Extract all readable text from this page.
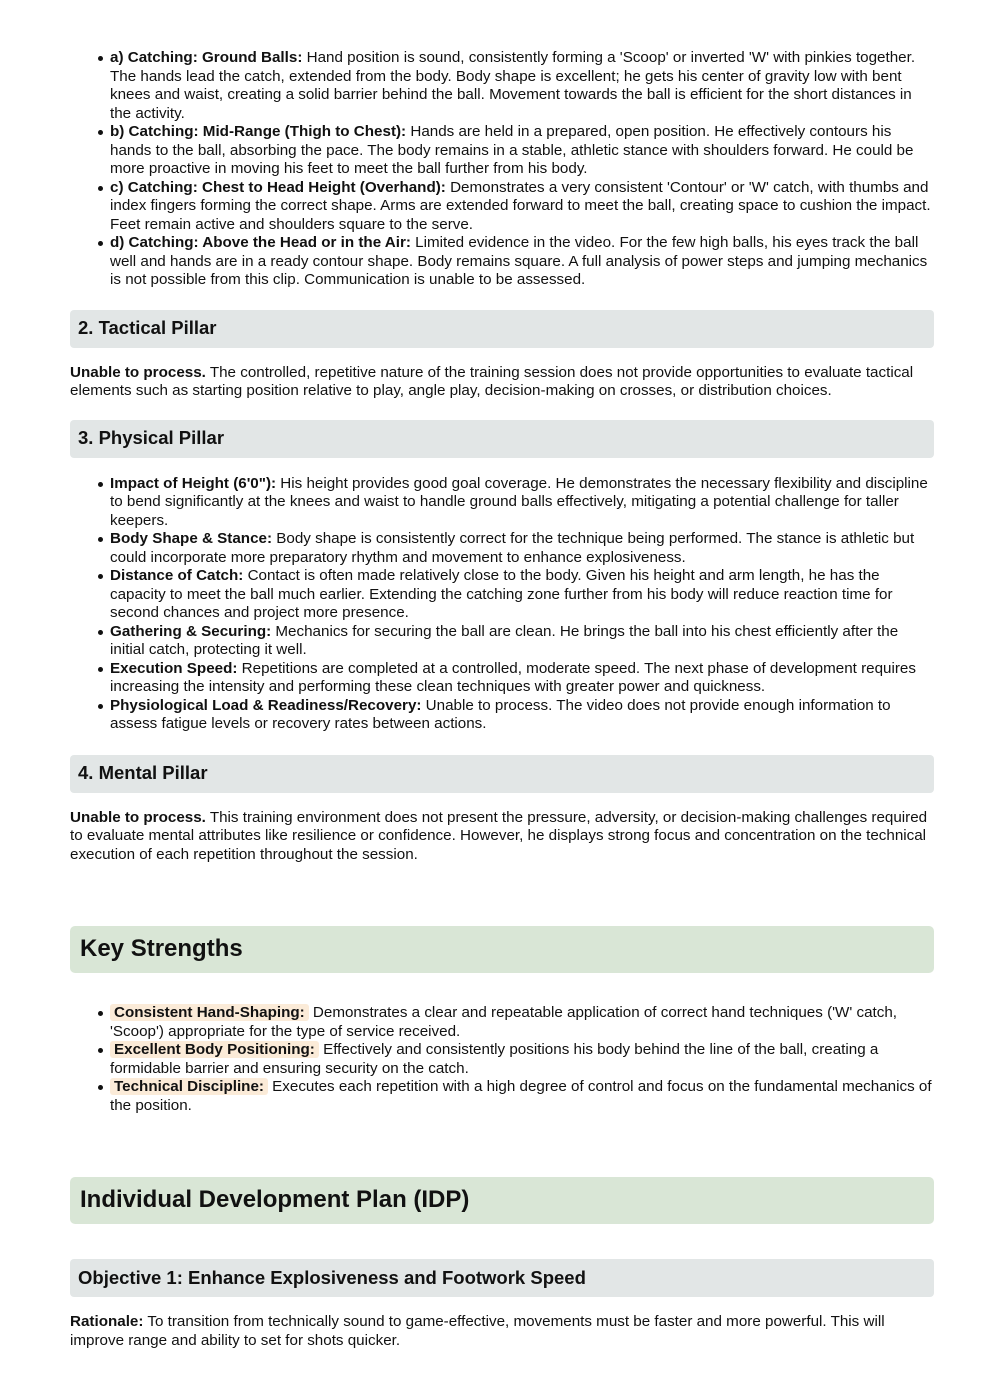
a) Catching: Ground Balls: Hand position is sound, consistently forming a 'Scoop' or inverted 'W' with pinkies together. The hands lead the catch, extended from the body. Body shape is excellent; he gets his center of gravity low with bent knees and waist, creating a solid barrier behind the ball. Movement towards the ball is efficient for the short distances in the activity.
b) Catching: Mid-Range (Thigh to Chest): Hands are held in a prepared, open position. He effectively contours his hands to the ball, absorbing the pace. The body remains in a stable, athletic stance with shoulders forward. He could be more proactive in moving his feet to meet the ball further from his body.
c) Catching: Chest to Head Height (Overhand): Demonstrates a very consistent 'Contour' or 'W' catch, with thumbs and index fingers forming the correct shape. Arms are extended forward to meet the ball, creating space to cushion the impact. Feet remain active and shoulders square to the serve.
d) Catching: Above the Head or in the Air: Limited evidence in the video. For the few high balls, his eyes track the ball well and hands are in a ready contour shape. Body remains square. A full analysis of power steps and jumping mechanics is not possible from this clip. Communication is unable to be assessed.
2. Tactical Pillar

Unable to process. The controlled, repetitive nature of the training session does not provide opportunities to evaluate tactical elements such as starting position relative to play, angle play, decision-making on crosses, or distribution choices.

3. Physical Pillar
Impact of Height (6'0"): His height provides good goal coverage. He demonstrates the necessary flexibility and discipline to bend significantly at the knees and waist to handle ground balls effectively, mitigating a potential challenge for taller keepers.
Body Shape & Stance: Body shape is consistently correct for the technique being performed. The stance is athletic but could incorporate more preparatory rhythm and movement to enhance explosiveness.
Distance of Catch: Contact is often made relatively close to the body. Given his height and arm length, he has the capacity to meet the ball much earlier. Extending the catching zone further from his body will reduce reaction time for second chances and project more presence.
Gathering & Securing: Mechanics for securing the ball are clean. He brings the ball into his chest efficiently after the initial catch, protecting it well.
Execution Speed: Repetitions are completed at a controlled, moderate speed. The next phase of development requires increasing the intensity and performing these clean techniques with greater power and quickness.
Physiological Load & Readiness/Recovery: Unable to process. The video does not provide enough information to assess fatigue levels or recovery rates between actions.
4. Mental Pillar

Unable to process. This training environment does not present the pressure, adversity, or decision-making challenges required to evaluate mental attributes like resilience or confidence. However, he displays strong focus and concentration on the technical execution of each repetition throughout the session.

Key Strengths
Consistent Hand-Shaping: Demonstrates a clear and repeatable application of correct hand techniques ('W' catch, 'Scoop') appropriate for the type of service received.
Excellent Body Positioning: Effectively and consistently positions his body behind the line of the ball, creating a formidable barrier and ensuring security on the catch.
Technical Discipline: Executes each repetition with a high degree of control and focus on the fundamental mechanics of the position.
Individual Development Plan (IDP)
Objective 1: Enhance Explosiveness and Footwork Speed

Rationale: To transition from technically sound to game-effective, movements must be faster and more powerful. This will improve range and ability to set for shots quicker.
